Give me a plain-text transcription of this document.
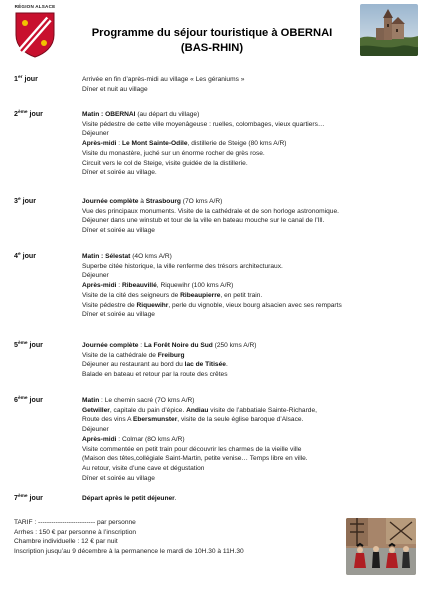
RÉGION ALSACE
Programme du séjour touristique à OBERNAI
(BAS-RHIN)
1er jour	Arrivée en fin d’après-midi au village « Les géraniums »
Dîner et nuit au village
2ème jour	Matin : OBERNAI (au départ du village)
Visite pédestre de cette ville moyenâgeuse : ruelles, colombages, vieux quartiers…
Déjeuner
Après-midi : Le Mont Sainte-Odile, distillerie de Steige (80 kms A/R)
Visite du monastère, juché sur un énorme rocher de grès rose.
Circuit vers le col de Steige, visite guidée de la distillerie.
Dîner et soirée au village.
3e jour	Journée complète à Strasbourg (7O kms A/R)
Vue des principaux monuments. Visite de la cathédrale et de son horloge astronomique.
Déjeuner dans une winstub et tour de la ville en bateau mouche sur le canal de l’Ill.
Dîner et soirée au village
4e jour	Matin : Sélestat (4O kms A/R)
Superbe citée historique, la ville renferme des trésors architecturaux.
Déjeuner
Après-midi : Ribeauvillé, Riquewihr (100 kms A/R)
Visite de la cité des seigneurs de Ribeaupierre, en petit train.
Visite pédestre de Riquewihr, perle du vignoble, vieux bourg alsacien avec ses remparts
Dîner et soirée au village
5ème jour	Journée complète : La Forêt Noire du Sud (250 kms A/R)
Visite de la cathédrale de Freiburg
Déjeuner au restaurant au bord du lac de Titisée.
Balade en bateau et retour par la route des crêtes
6ème jour	Matin : Le chemin sacré (7O kms A/R)
Getwiller, capitale du pain d’épice. Andiau visite de l’abbatiale Sainte-Richarde,
Route des vins A Ebersmunster, visite de la seule église baroque d’Alsace.
Déjeuner
Après-midi : Colmar (8O kms A/R)
Visite commentée en petit train pour découvrir les charmes de la vieille ville
(Maison des têtes,collégiale Saint-Martin, petite venise… Temps libre en ville.
Au retour, visite d’une cave et dégustation
Dîner et soirée au village
7ème jour	Départ après le petit déjeuner.
TARIF : -------------------------- par personne
Arrhes : 150 € par personne à l’inscription
Chambre individuelle : 12 € par nuit
Inscription jusqu’au 9 décembre à la permanence le mardi de 10H.30 à 11H.30
